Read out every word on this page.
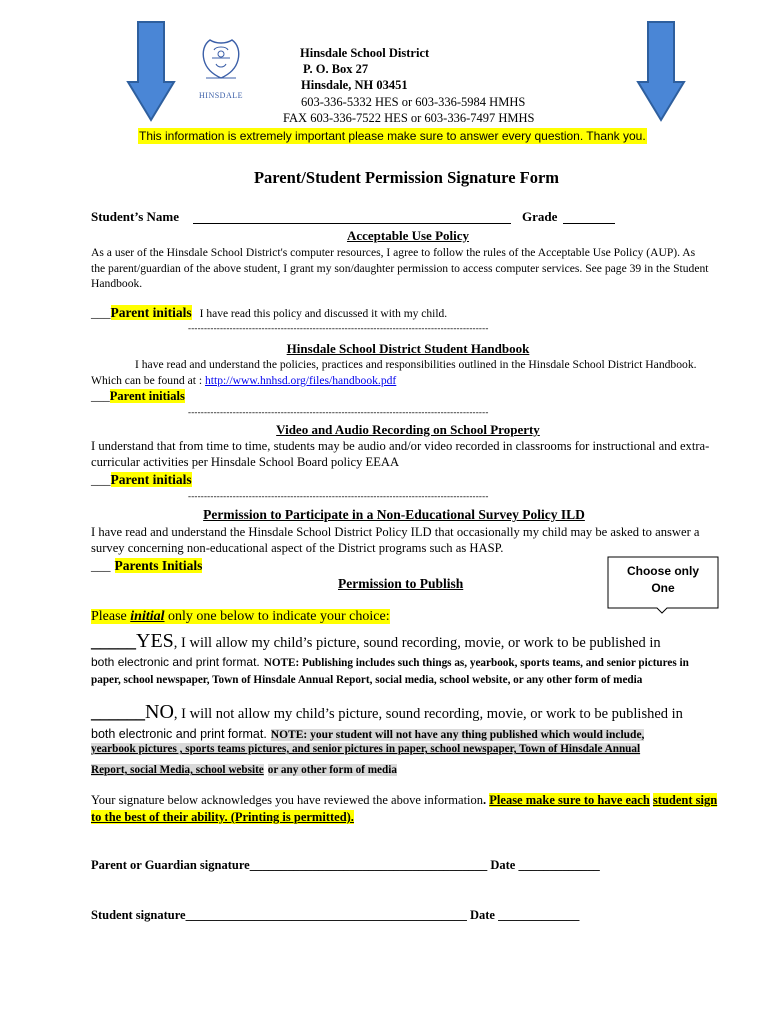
HINSDALE
Hinsdale School District
P. O. Box 27
Hinsdale, NH 03451
603-336-5332 HES or 603-336-5984 HMHS
FAX 603-336-7522 HES or 603-336-7497 HMHS
This information is extremely important please make sure to answer every question. Thank you.
Parent/Student Permission Signature Form
Student’s Name	Grade
Acceptable Use Policy
As a user of the Hinsdale School District's computer resources, I agree to follow the rules of the Acceptable Use Policy (AUP). As the parent/guardian of the above student, I grant my son/daughter permission to access computer services. See page 39 in the Student Handbook.
___Parent initials I have read this policy and discussed it with my child.
----------------------------------------------------------------------------------------------
Hinsdale School District Student Handbook
I have read and understand the policies, practices and responsibilities outlined in the Hinsdale School District Handbook. Which can be found at : http://www.hnhsd.org/files/handbook.pdf
___Parent initials
----------------------------------------------------------------------------------------------
Video and Audio Recording on School Property
I understand that from time to time, students may be audio and/or video recorded in classrooms for instructional and extra- curricular activities per Hinsdale School Board policy EEAA
___Parent initials
----------------------------------------------------------------------------------------------
Permission to Participate in a Non-Educational Survey Policy ILD
I have read and understand the Hinsdale School District Policy ILD that occasionally my child may be asked to answer a survey concerning non-educational aspect of the District programs such as HASP.
___ Parents Initials
Permission to Publish
Choose only One
Please initial only one below to indicate your choice:
_____YES, I will allow my child’s picture, sound recording, movie, or work to be published in
both electronic and print format. NOTE: Publishing includes such things as, yearbook, sports teams, and senior pictures in paper, school newspaper, Town of Hinsdale Annual Report, social media, school website, or any other form of media
______NO, I will not allow my child’s picture, sound recording, movie, or work to be published in
both electronic and print format. NOTE: your student will not have any thing published which would include,
yearbook pictures , sports teams pictures, and senior pictures in paper, school newspaper, Town of Hinsdale Annual
Report, social Media, school website or any other form of media
Your signature below acknowledges you have reviewed the above information. Please make sure to have each student sign to the best of their ability. (Printing is permitted).
Parent or Guardian signature______________________________________ Date _____________
Student signature_____________________________________________ Date _____________
